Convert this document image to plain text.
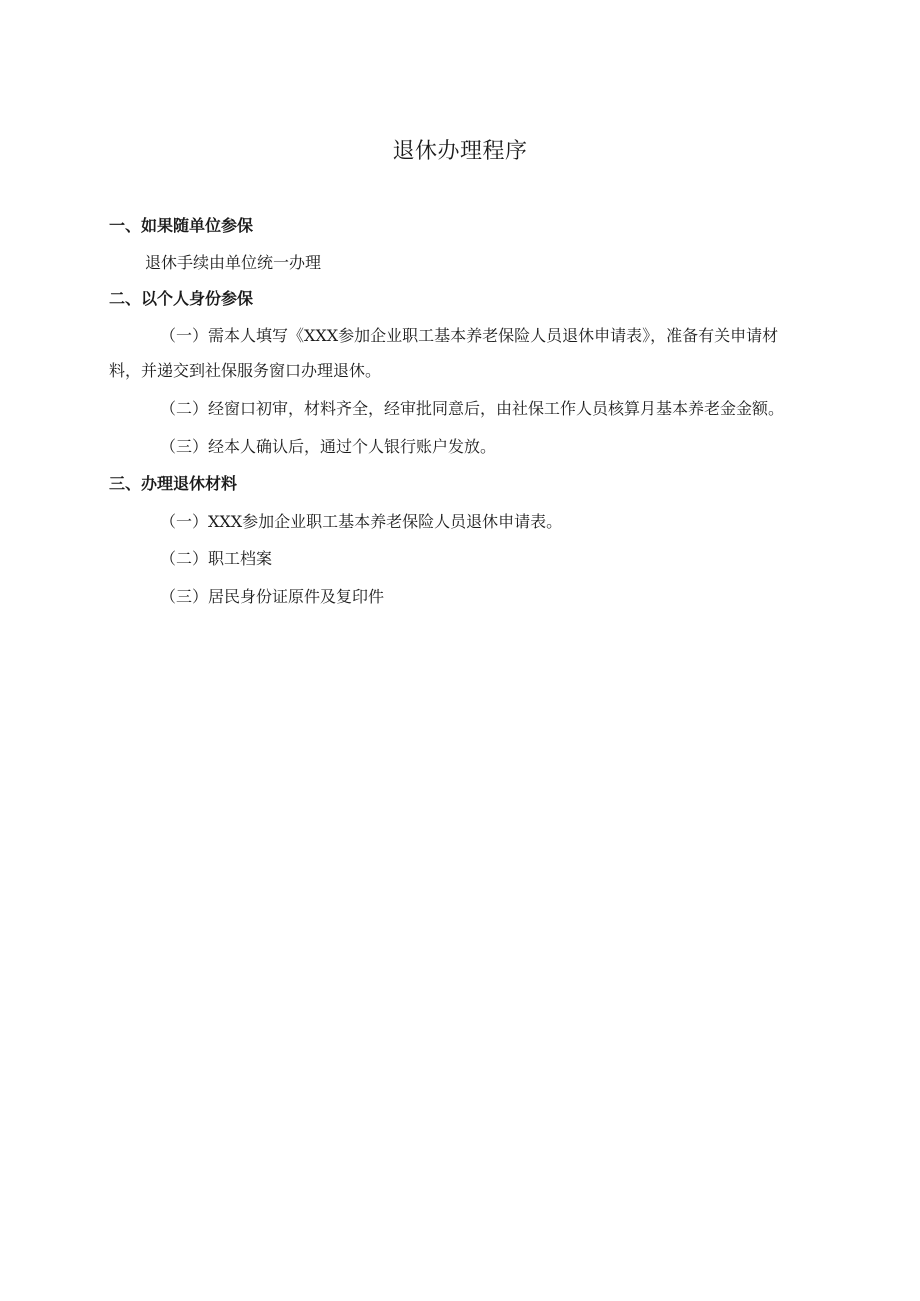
退休办理程序
一、如果随单位参保
退休手续由单位统一办理
二、以个人身份参保
（一）需本人填写《XXX参加企业职工基本养老保险人员退休申请表》，准备有关申请材
料，并递交到社保服务窗口办理退休。
（二）经窗口初审，材料齐全，经审批同意后，由社保工作人员核算月基本养老金金额。
（三）经本人确认后，通过个人银行账户发放。
三、办理退休材料
（一）XXX参加企业职工基本养老保险人员退休申请表。
（二）职工档案
（三）居民身份证原件及复印件
